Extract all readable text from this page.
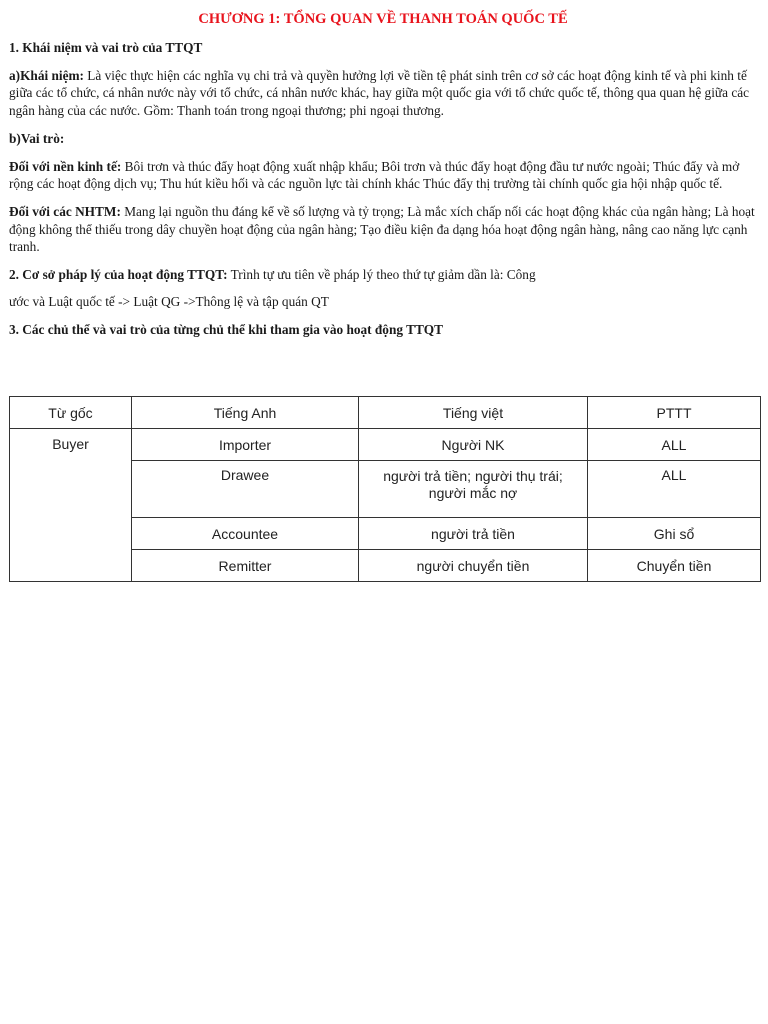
CHƯƠNG 1: TỔNG QUAN VỀ THANH TOÁN QUỐC TẾ

1. Khái niệm và vai trò của TTQT

a)Khái niệm: Là việc thực hiện các nghĩa vụ chi trả và quyền hưởng lợi về tiền tệ phát sinh trên cơ sở các hoạt động kinh tế và phi kinh tế giữa các tổ chức, cá nhân nước này với tổ chức, cá nhân nước khác, hay giữa một quốc gia với tổ chức quốc tế, thông qua quan hệ giữa các ngân hàng của các nước. Gồm: Thanh toán trong ngoại thương; phi ngoại thương.

b)Vai trò:

Đối với nền kinh tế: Bôi trơn và thúc đẩy hoạt động xuất nhập khẩu; Bôi trơn và thúc đẩy hoạt động đầu tư nước ngoài; Thúc đẩy và mở rộng các hoạt động dịch vụ; Thu hút kiều hối và các nguồn lực tài chính khác Thúc đẩy thị trường tài chính quốc gia hội nhập quốc tế.

Đối với các NHTM: Mang lại nguồn thu đáng kể về số lượng và tỷ trọng; Là mắc xích chấp nối các hoạt động khác của ngân hàng; Là hoạt động không thể thiếu trong dây chuyền hoạt động của ngân hàng; Tạo điều kiện đa dạng hóa hoạt động ngân hàng, nâng cao năng lực cạnh tranh.

2. Cơ sở pháp lý của hoạt động TTQT: Trình tự ưu tiên về pháp lý theo thứ tự giảm dần là: Công

ước và Luật quốc tế -> Luật QG ->Thông lệ và tập quán QT

3. Các chủ thể và vai trò của từng chủ thể khi tham gia vào hoạt động TTQT

Từ gốc	Tiếng Anh	Tiếng việt	PTTT
Buyer	Importer	Người NK	ALL
	Drawee	người trả tiền; người thụ trái; người mắc nợ	ALL
	Accountee	người trả tiền	Ghi sổ
	Remitter	người chuyển tiền	Chuyển tiền
